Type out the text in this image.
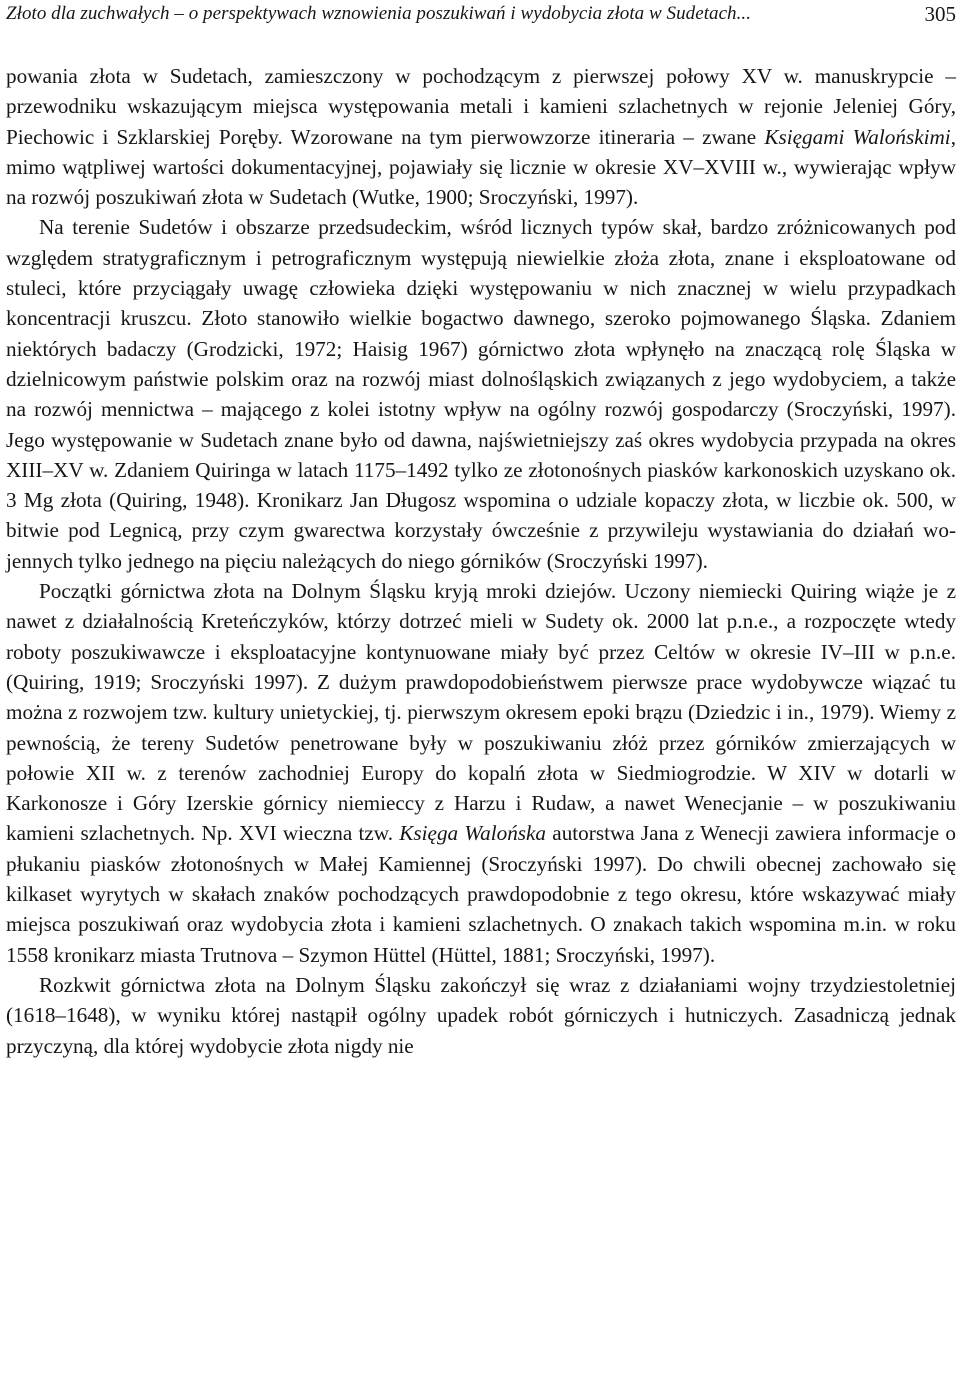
Złoto dla zuchwałych – o perspektywach wznowienia poszukiwań i wydobycia złota w Sudetach...	305

powania złota w Sudetach, zamieszczony w pochodzącym z pierwszej połowy XV w. manuskrypcie – przewodniku wskazującym miejsca występowania metali i kamieni szlachetnych w rejonie Jeleniej Góry, Piechowic i Szklarskiej Poręby. Wzorowane na tym pierwowzorze itineraria – zwane Księgami Walońskimi, mimo wątpliwej wartości dokumentacyjnej, pojawiały się licznie w okresie XV–XVIII w., wywierając wpływ na rozwój poszukiwań złota w Sudetach (Wutke, 1900; Sroczyński, 1997).

Na terenie Sudetów i obszarze przedsudeckim, wśród licznych typów skał, bardzo zróżnicowanych pod względem stratygraficznym i petrograficznym występują niewielkie złoża złota, znane i eksploatowane od stuleci, które przyciągały uwagę człowieka dzięki występowaniu w nich znacznej w wielu przypadkach koncentracji kruszcu. Złoto stanowiło wielkie bogactwo dawnego, szeroko pojmowanego Śląska. Zdaniem niektórych badaczy (Grodzicki, 1972; Haisig 1967) górnictwo złota wpłynęło na znaczącą rolę Śląska w dzielnicowym państwie polskim oraz na rozwój miast dolnośląskich związanych z jego wydobyciem, a także na rozwój mennictwa – mającego z kolei istotny wpływ na ogólny rozwój gospodarczy (Sroczyński, 1997). Jego występowanie w Sudetach znane było od dawna, najświetniejszy zaś okres wydobycia przypada na okres XIII–XV w. Zdaniem Quiringa w latach 1175–1492 tylko ze złotonośnych piasków karkonoskich uzyskano ok. 3 Mg złota (Quiring, 1948). Kronikarz Jan Długosz wspomina o udziale kopaczy złota, w liczbie ok. 500, w bitwie pod Legnicą, przy czym gwarectwa korzystały ówcześnie z przywileju wystawiania do działań wojennych tylko jednego na pięciu należących do niego górników (Sroczyński 1997).

Początki górnictwa złota na Dolnym Śląsku kryją mroki dziejów. Uczony niemiecki Quiring wiąże je z nawet z działalnością Kreteńczyków, którzy dotrzeć mieli w Sudety ok. 2000 lat p.n.e., a rozpoczęte wtedy roboty poszukiwawcze i eksploatacyjne kontynuowane miały być przez Celtów w okresie IV–III w p.n.e. (Quiring, 1919; Sroczyński 1997). Z dużym prawdopodobieństwem pierwsze prace wydobywcze wiązać tu można z rozwojem tzw. kultury unietyckiej, tj. pierwszym okresem epoki brązu (Dziedzic i in., 1979). Wiemy z pewnością, że tereny Sudetów penetrowane były w poszukiwaniu złóż przez górników zmierzających w połowie XII w. z terenów zachodniej Europy do kopalń złota w Siedmiogrodzie. W XIV w dotarli w Karkonosze i Góry Izerskie górnicy niemieccy z Harzu i Rudaw, a nawet Wenecjanie – w poszukiwaniu kamieni szlachetnych. Np. XVI wieczna tzw. Księga Walońska autorstwa Jana z Wenecji zawiera informacje o płukaniu piasków złotonośnych w Małej Kamiennej (Sroczyński 1997). Do chwili obecnej zachowało się kilkaset wyrytych w skałach znaków pochodzących prawdopodobnie z tego okresu, które wskazywać miały miejsca poszukiwań oraz wydobycia złota i kamieni szlachetnych. O znakach takich wspomina m.in. w roku 1558 kronikarz miasta Trutnova – Szymon Hüttel (Hüttel, 1881; Sroczyński, 1997).

Rozkwit górnictwa złota na Dolnym Śląsku zakończył się wraz z działaniami wojny trzydziestoletniej (1618–1648), w wyniku której nastąpił ogólny upadek robót górniczych i hutniczych. Zasadniczą jednak przyczyną, dla której wydobycie złota nigdy nie
